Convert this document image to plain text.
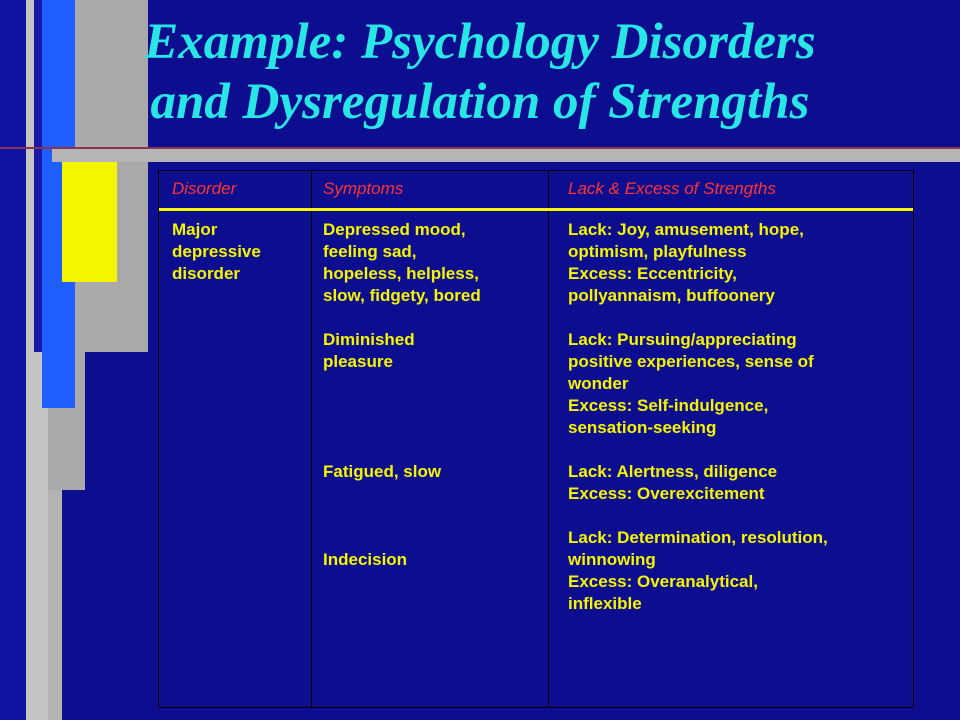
Example: Psychology Disorders
and Dysregulation of Strengths
Disorder	Symptoms	Lack & Excess of Strengths
Major
depressive
disorder
Depressed mood,
feeling sad,
hopeless, helpless,
slow, fidgety, bored
Diminished
pleasure
Fatigued, slow
Indecision
Lack: Joy, amusement, hope,
optimism, playfulness
Excess: Eccentricity,
pollyannaism, buffoonery
Lack: Pursuing/appreciating
positive experiences, sense of
wonder
Excess: Self-indulgence,
sensation-seeking
Lack: Alertness, diligence
Excess: Overexcitement
Lack: Determination, resolution,
winnowing
Excess: Overanalytical,
inflexible
